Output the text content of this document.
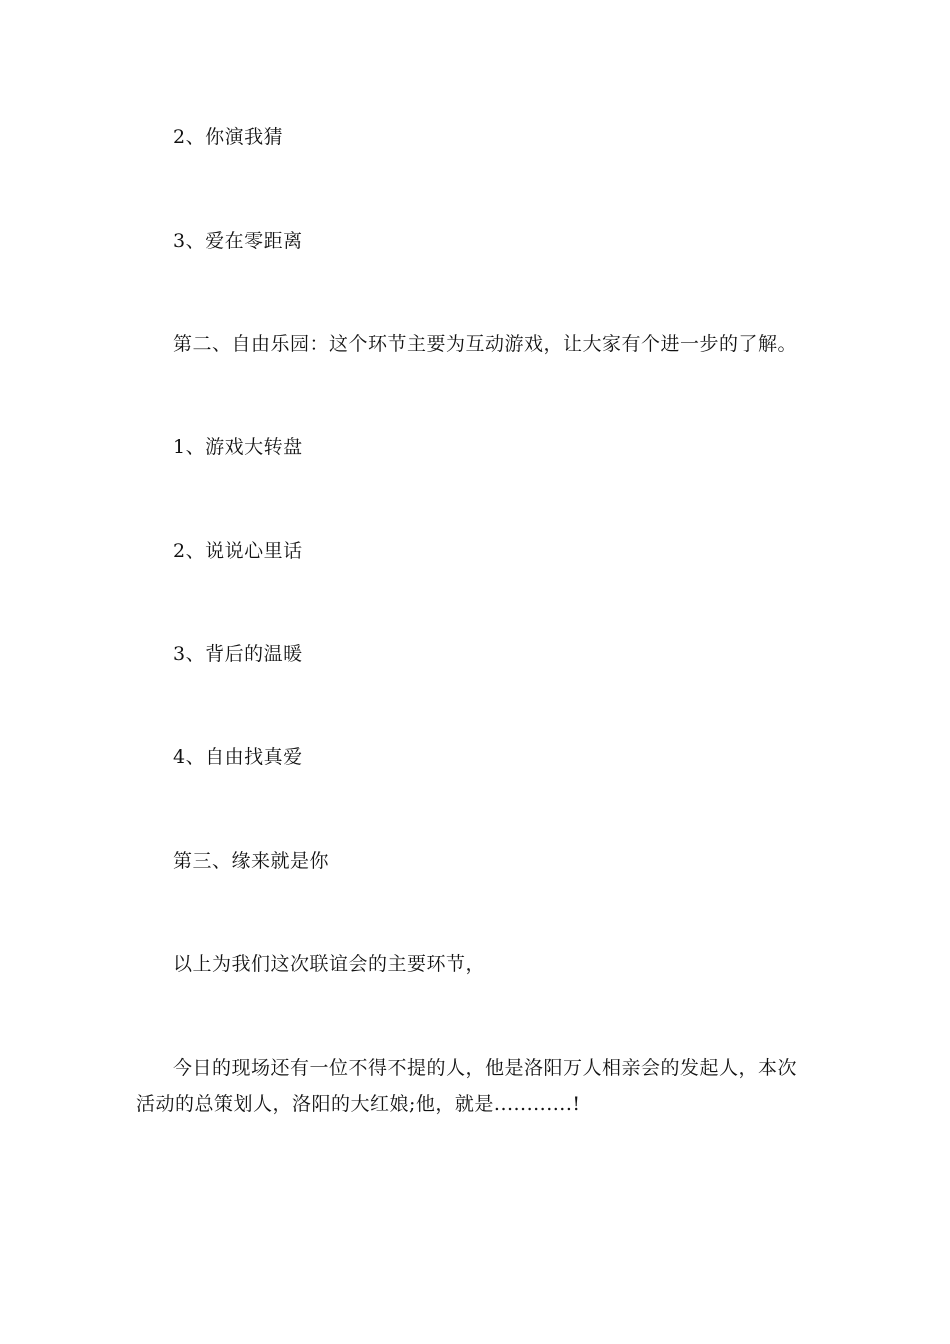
2、你演我猜
3、爱在零距离
第二、自由乐园：这个环节主要为互动游戏，让大家有个进一步的了解。
1、游戏大转盘
2、说说心里话
3、背后的温暖
4、自由找真爱
第三、缘来就是你
以上为我们这次联谊会的主要环节，
今日的现场还有一位不得不提的人，他是洛阳万人相亲会的发起人，本次活动的总策划人，洛阳的大红娘;他，就是............!
